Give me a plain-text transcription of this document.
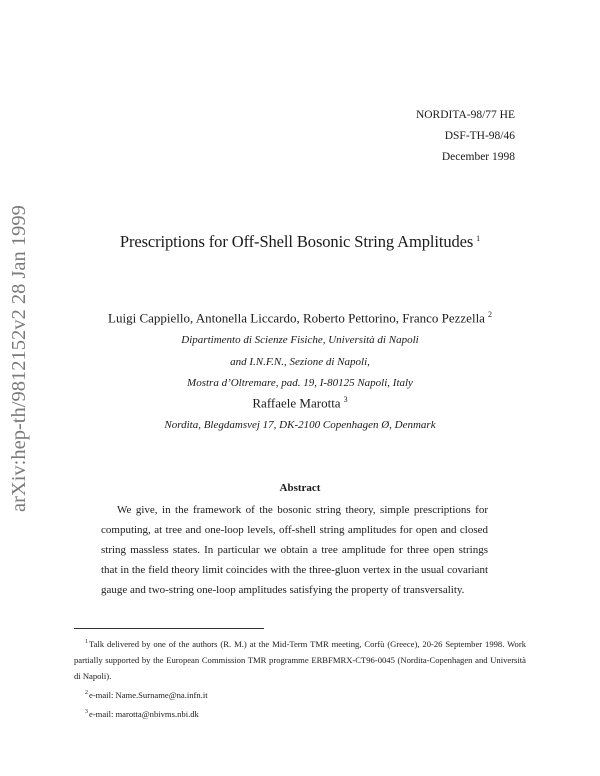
arXiv:hep-th/9812152v2 28 Jan 1999
NORDITA-98/77 HE
DSF-TH-98/46
December 1998
Prescriptions for Off-Shell Bosonic String Amplitudes $^1$
Luigi Cappiello, Antonella Liccardo, Roberto Pettorino, Franco Pezzella $^2$
Dipartimento di Scienze Fisiche, Università di Napoli
and I.N.F.N., Sezione di Napoli,
Mostra d’Oltremare, pad. 19, I-80125 Napoli, Italy
Raffaele Marotta $^3$
Nordita, Blegdamsvej 17, DK-2100 Copenhagen Ø, Denmark
Abstract
We give, in the framework of the bosonic string theory, simple prescriptions for computing, at tree and one-loop levels, off-shell string amplitudes for open and closed string massless states. In particular we obtain a tree amplitude for three open strings that in the field theory limit coincides with the three-gluon vertex in the usual covariant gauge and two-string one-loop amplitudes satisfying the property of transversality.
$^1$Talk delivered by one of the authors (R. M.) at the Mid-Term TMR meeting, Corfù (Greece), 20-26 September 1998. Work partially supported by the European Commission TMR programme ERBFMRX-CT96-0045 (Nordita-Copenhagen and Università di Napoli).
$^2$e-mail: Name.Surname@na.infn.it
$^3$e-mail: marotta@nbivms.nbi.dk
